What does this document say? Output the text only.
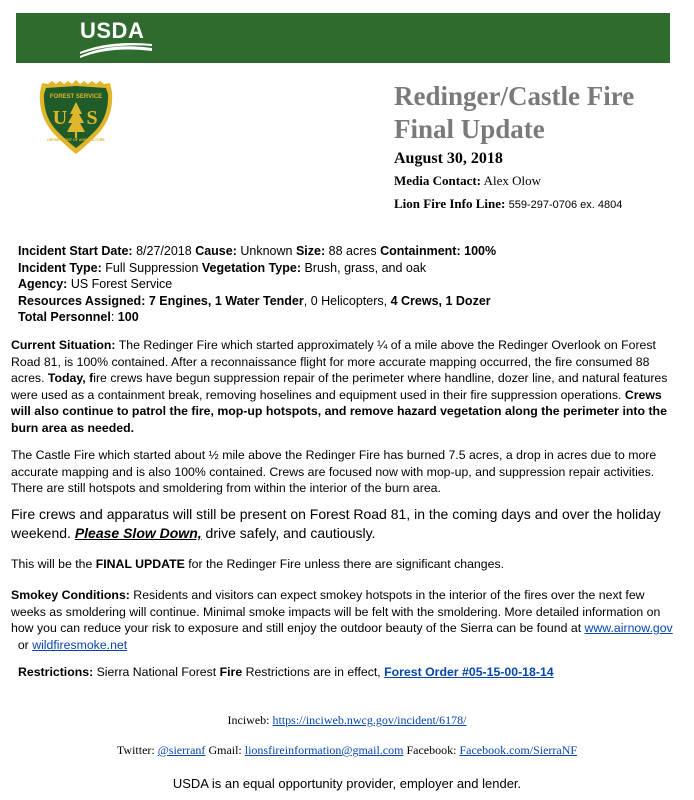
USDA
FOREST SERVICE
U S
DEPARTMENT OF AGRICULTURE
Redinger/Castle Fire
Final Update
August 30, 2018
Media Contact: Alex Olow
Lion Fire Info Line: 559-297-0706 ex. 4804
Incident Start Date: 8/27/2018 Cause: Unknown Size: 88 acres Containment: 100%
Incident Type: Full Suppression Vegetation Type: Brush, grass, and oak
Agency: US Forest Service
Resources Assigned: 7 Engines, 1 Water Tender, 0 Helicopters, 4 Crews, 1 Dozer
Total Personnel: 100

Current Situation: The Redinger Fire which started approximately ¼ of a mile above the Redinger Overlook on Forest Road 81, is 100% contained. After a reconnaissance flight for more accurate mapping occurred, the fire consumed 88 acres. Today, fire crews have begun suppression repair of the perimeter where handline, dozer line, and natural features were used as a containment break, removing hoselines and equipment used in their fire suppression operations. Crews will also continue to patrol the fire, mop-up hotspots, and remove hazard vegetation along the perimeter into the burn area as needed.

The Castle Fire which started about ½ mile above the Redinger Fire has burned 7.5 acres, a drop in acres due to more accurate mapping and is also 100% contained. Crews are focused now with mop-up, and suppression repair activities. There are still hotspots and smoldering from within the interior of the burn area.

Fire crews and apparatus will still be present on Forest Road 81, in the coming days and over the holiday weekend. Please Slow Down, drive safely, and cautiously.

This will be the FINAL UPDATE for the Redinger Fire unless there are significant changes.

Smokey Conditions: Residents and visitors can expect smokey hotspots in the interior of the fires over the next few weeks as smoldering will continue. Minimal smoke impacts will be felt with the smoldering. More detailed information on how you can reduce your risk to exposure and still enjoy the outdoor beauty of the Sierra can be found at www.airnow.gov  or wildfiresmoke.net

Restrictions: Sierra National Forest Fire Restrictions are in effect, Forest Order #05-15-00-18-14

Inciweb: https://inciweb.nwcg.gov/incident/6178/
Twitter: @sierranf Gmail: lionsfireinformation@gmail.com Facebook: Facebook.com/SierraNF
USDA is an equal opportunity provider, employer and lender.
